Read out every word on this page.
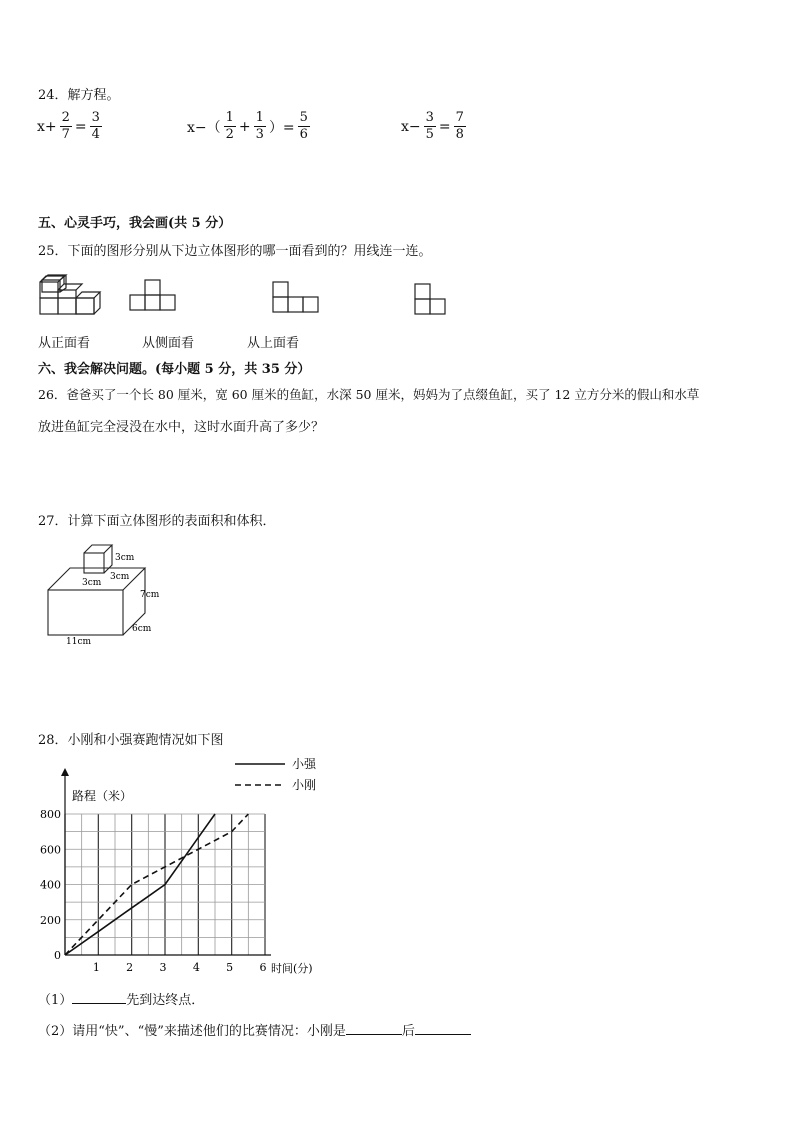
24．解方程。
$x+ \frac{2}{7} = \frac{3}{4}$	$x-( \frac{1}{2} + \frac{1}{3}$ ）= $\frac{5}{6}$	$x- \frac{3}{5} = \frac{7}{8}$
五、心灵手巧，我会画(共 5 分）
25．下面的图形分别从下边立体图形的哪一面看到的？用线连一连。
从正面看	从侧面看	从上面看
六、我会解决问题。(每小题 5 分，共 35 分）
26．爸爸买了一个长 80 厘米，宽 60 厘米的鱼缸，水深 50 厘米，妈妈为了点缀鱼缸，买了 12 立方分米的假山和水草
放进鱼缸完全浸没在水中，这时水面升高了多少？
27．计算下面立体图形的表面积和体积．
3cm
3cm
3cm
7cm
6cm
11cm
28．小刚和小强赛跑情况如下图
0
200
400
600
800
1 2 3 4 5 6
小强
小刚
路程（米）
时间(分)
（1）	先到达终点．
（2）请用“快”、“慢”来描述他们的比赛情况：小刚是	后
